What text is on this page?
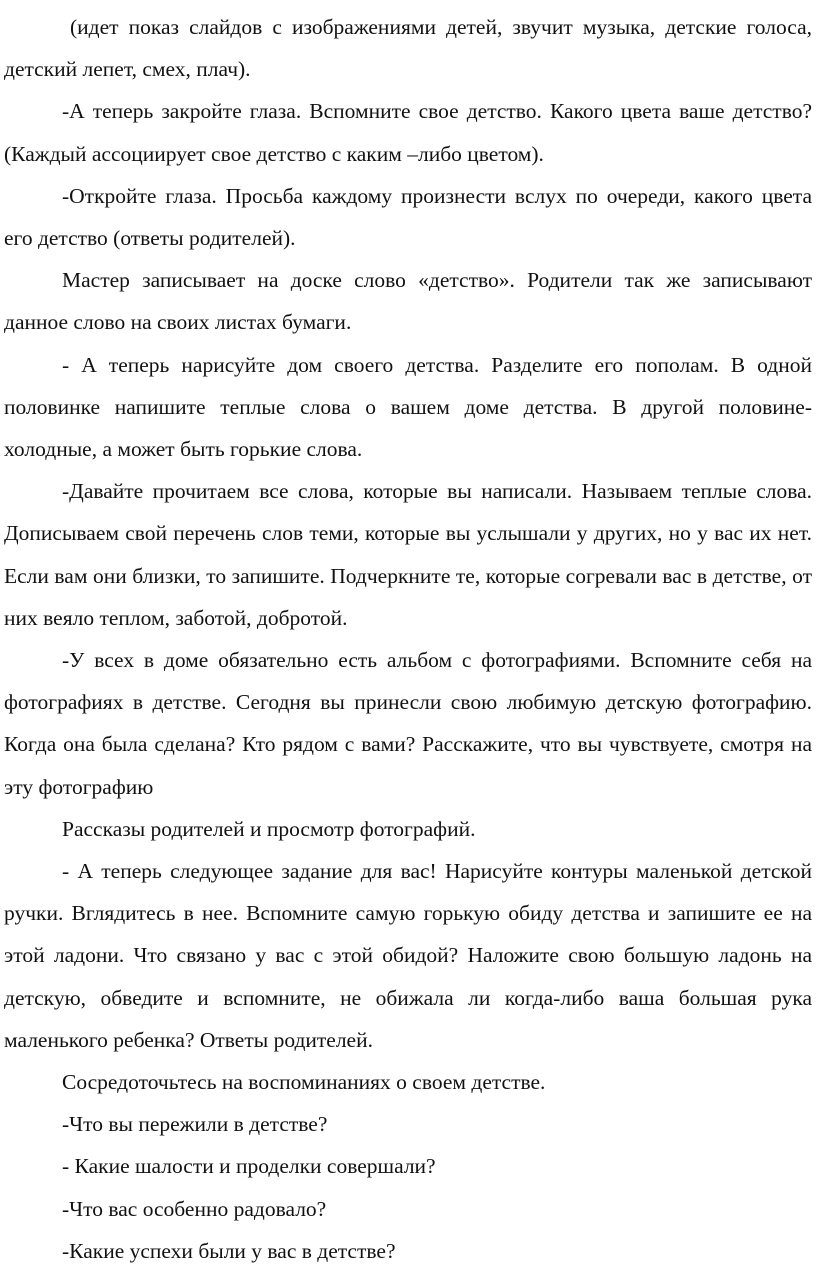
(идет показ слайдов с изображениями детей, звучит музыка, детские голоса, детский лепет, смех, плач).

-А теперь закройте глаза. Вспомните свое детство. Какого цвета ваше детство? (Каждый ассоциирует свое детство с каким –либо цветом).

-Откройте глаза. Просьба каждому произнести вслух по очереди, какого цвета его детство (ответы родителей).

Мастер записывает на доске слово «детство». Родители так же записывают данное слово на своих листах бумаги.

- А теперь нарисуйте дом своего детства. Разделите его пополам. В одной половинке напишите теплые слова о вашем доме детства. В другой половине- холодные, а может быть горькие слова.

-Давайте прочитаем все слова, которые вы написали. Называем теплые слова. Дописываем свой перечень слов теми, которые вы услышали у других, но у вас их нет. Если вам они близки, то запишите. Подчеркните те, которые согревали вас в детстве, от них веяло теплом, заботой, добротой.

-У всех в доме обязательно есть альбом с фотографиями. Вспомните себя на фотографиях в детстве. Сегодня вы принесли свою любимую детскую фотографию. Когда она была сделана? Кто рядом с вами? Расскажите, что вы чувствуете, смотря на эту фотографию

Рассказы родителей и просмотр фотографий.

- А теперь следующее задание для вас! Нарисуйте контуры маленькой детской ручки. Вглядитесь в нее. Вспомните самую горькую обиду детства и запишите ее на этой ладони. Что связано у вас с этой обидой? Наложите свою большую ладонь на детскую, обведите и вспомните, не обижала ли когда-либо ваша большая рука маленького ребенка? Ответы родителей.

Сосредоточьтесь на воспоминаниях о своем детстве.

-Что вы пережили в детстве?

- Какие шалости и проделки совершали?

-Что вас особенно радовало?

-Какие успехи были у вас в детстве?
